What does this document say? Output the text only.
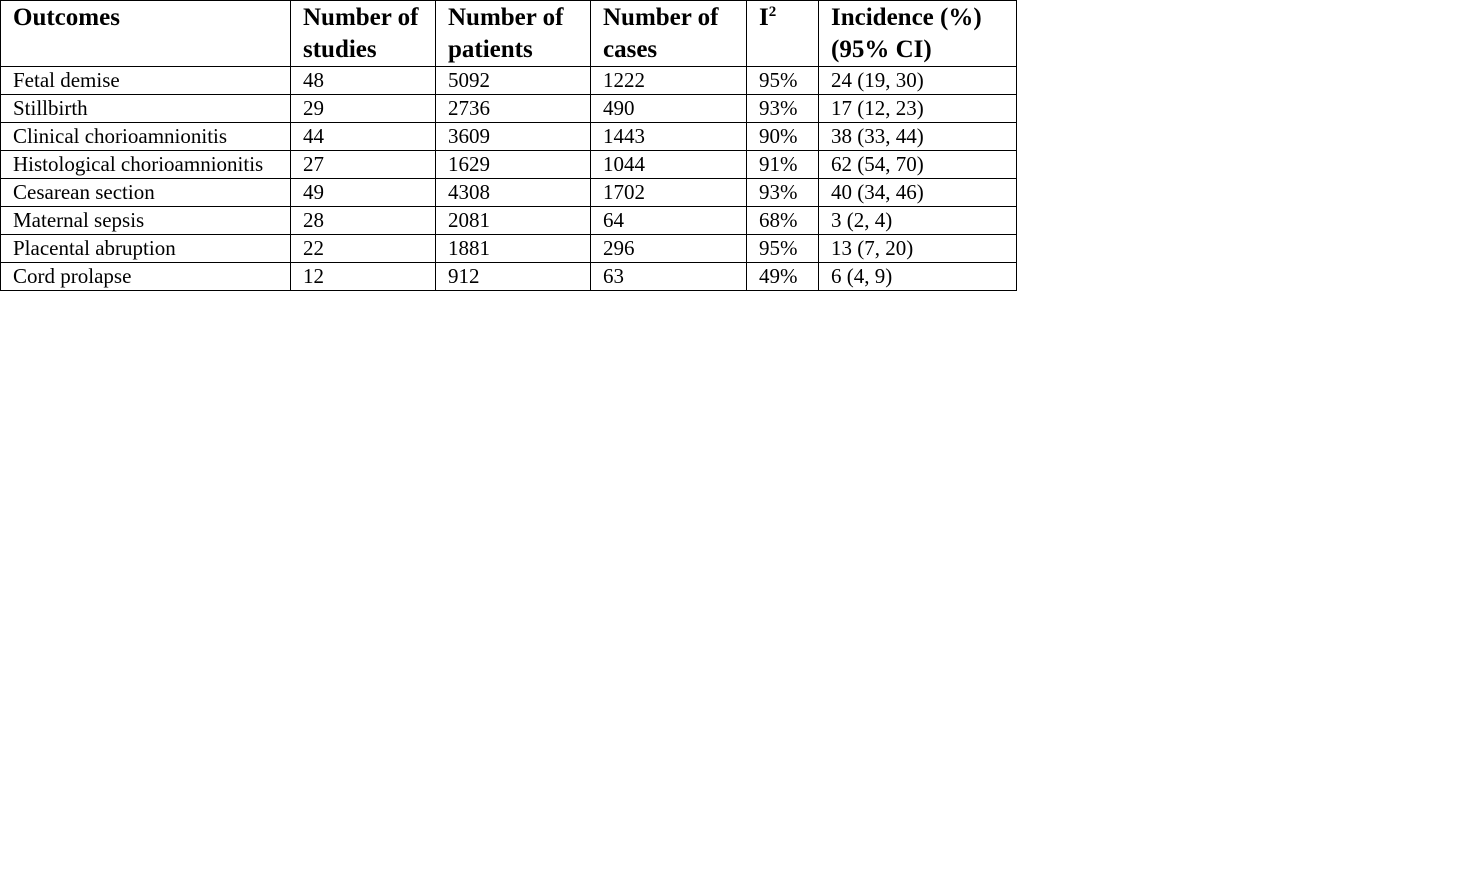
Outcomes	Number of studies	Number of patients	Number of cases	$I^2$	Incidence (%) (95% CI)
Fetal demise	48	5092	1222	95%	24 (19, 30)
Stillbirth	29	2736	490	93%	17 (12, 23)
Clinical chorioamnionitis	44	3609	1443	90%	38 (33, 44)
Histological chorioamnionitis	27	1629	1044	91%	62 (54, 70)
Cesarean section	49	4308	1702	93%	40 (34, 46)
Maternal sepsis	28	2081	64	68%	3 (2, 4)
Placental abruption	22	1881	296	95%	13 (7, 20)
Cord prolapse	12	912	63	49%	6 (4, 9)
